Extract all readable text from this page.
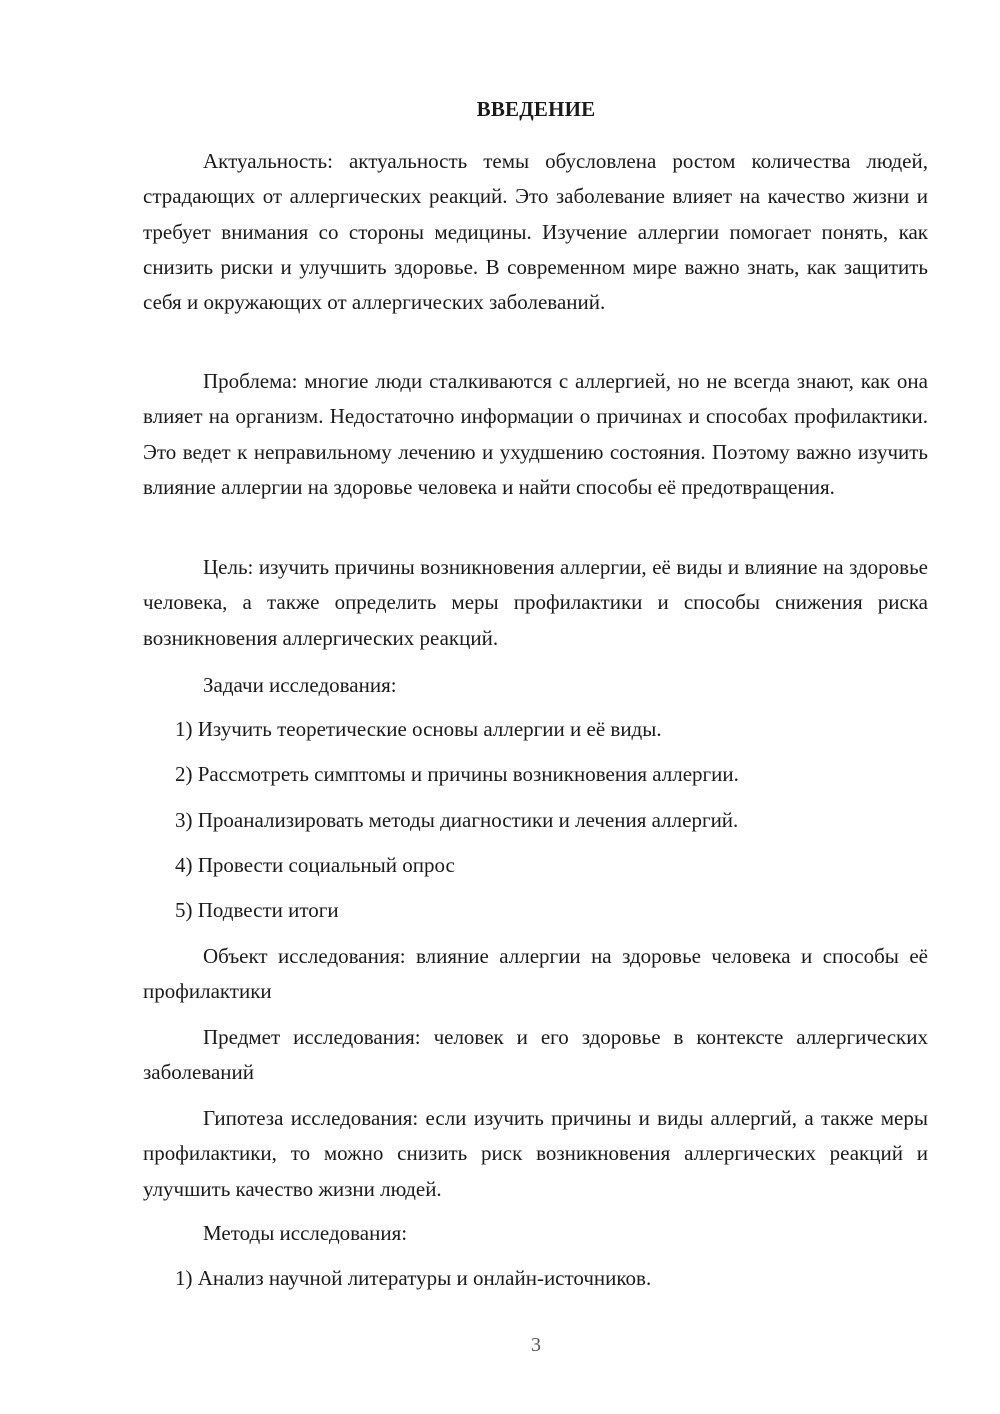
ВВЕДЕНИЕ
Актуальность: актуальность темы обусловлена ростом количества людей, страдающих от аллергических реакций. Это заболевание влияет на качество жизни и требует внимания со стороны медицины. Изучение аллергии помогает понять, как снизить риски и улучшить здоровье. В современном мире важно знать, как защитить себя и окружающих от аллергических заболеваний.
Проблема: многие люди сталкиваются с аллергией, но не всегда знают, как она влияет на организм. Недостаточно информации о причинах и способах профилактики. Это ведет к неправильному лечению и ухудшению состояния. Поэтому важно изучить влияние аллергии на здоровье человека и найти способы её предотвращения.
Цель: изучить причины возникновения аллергии, её виды и влияние на здоровье человека, а также определить меры профилактики и способы снижения риска возникновения аллергических реакций.
Задачи исследования:
1) Изучить теоретические основы аллергии и её виды.
2) Рассмотреть симптомы и причины возникновения аллергии.
3) Проанализировать методы диагностики и лечения аллергий.
4) Провести социальный опрос
5) Подвести итоги
Объект исследования: влияние аллергии на здоровье человека и способы её профилактики
Предмет исследования: человек и его здоровье в контексте аллергических заболеваний
Гипотеза исследования: если изучить причины и виды аллергий, а также меры профилактики, то можно снизить риск возникновения аллергических реакций и улучшить качество жизни людей.
Методы исследования:
1) Анализ научной литературы и онлайн-источников.
3
